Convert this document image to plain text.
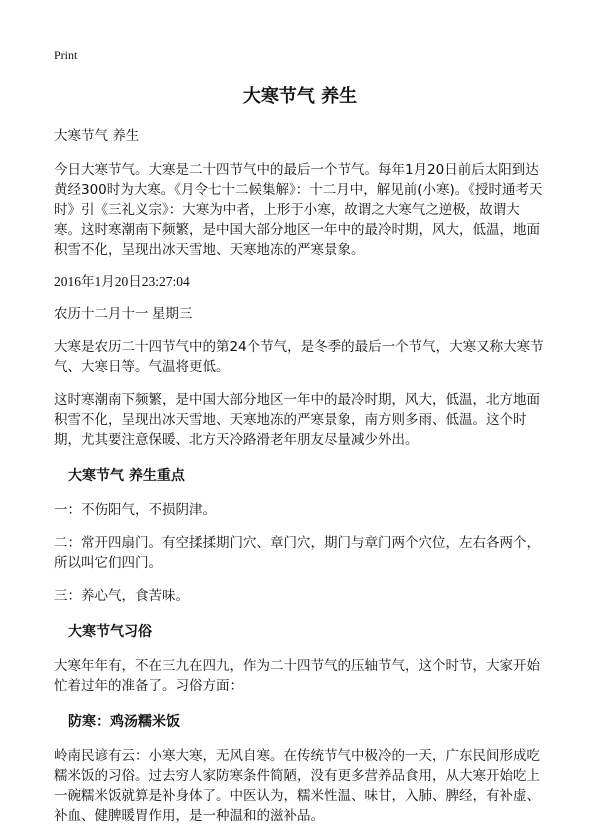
Print
大寒节气 养生
大寒节气 养生

今日大寒节气。大寒是二十四节气中的最后一个节气。每年1月20日前后太阳到达黄经300时为大寒。《月令七十二候集解》：十二月中，解见前(小寒)。《授时通考天时》引《三礼义宗》：大寒为中者，上形于小寒，故谓之大寒气之逆极，故谓大寒。这时寒潮南下频繁，是中国大部分地区一年中的最冷时期，风大，低温，地面积雪不化，呈现出冰天雪地、天寒地冻的严寒景象。

2016年1月20日23:27:04
农历十二月十一 星期三

大寒是农历二十四节气中的第24个节气，是冬季的最后一个节气，大寒又称大寒节气、大寒日等。气温将更低。

这时寒潮南下频繁，是中国大部分地区一年中的最冷时期，风大，低温，北方地面积雪不化，呈现出冰天雪地、天寒地冻的严寒景象，南方则多雨、低温。这个时期，尤其要注意保暖、北方天冷路滑老年朋友尽量减少外出。

大寒节气 养生重点

一：不伤阳气，不损阴津。

二：常开四扇门。有空揉揉期门穴、章门穴，期门与章门两个穴位，左右各两个，所以叫它们四门。

三：养心气，食苦味。

大寒节气习俗

大寒年年有，不在三九在四九，作为二十四节气的压轴节气，这个时节，大家开始忙着过年的准备了。习俗方面：

防寒：鸡汤糯米饭

岭南民谚有云：小寒大寒，无风自寒。在传统节气中极冷的一天，广东民间形成吃糯米饭的习俗。过去穷人家防寒条件简陋，没有更多营养品食用，从大寒开始吃上一碗糯米饭就算是补身体了。中医认为，糯米性温、味甘，入肺、脾经，有补虚、补血、健脾暖胃作用，是一种温和的滋补品。
